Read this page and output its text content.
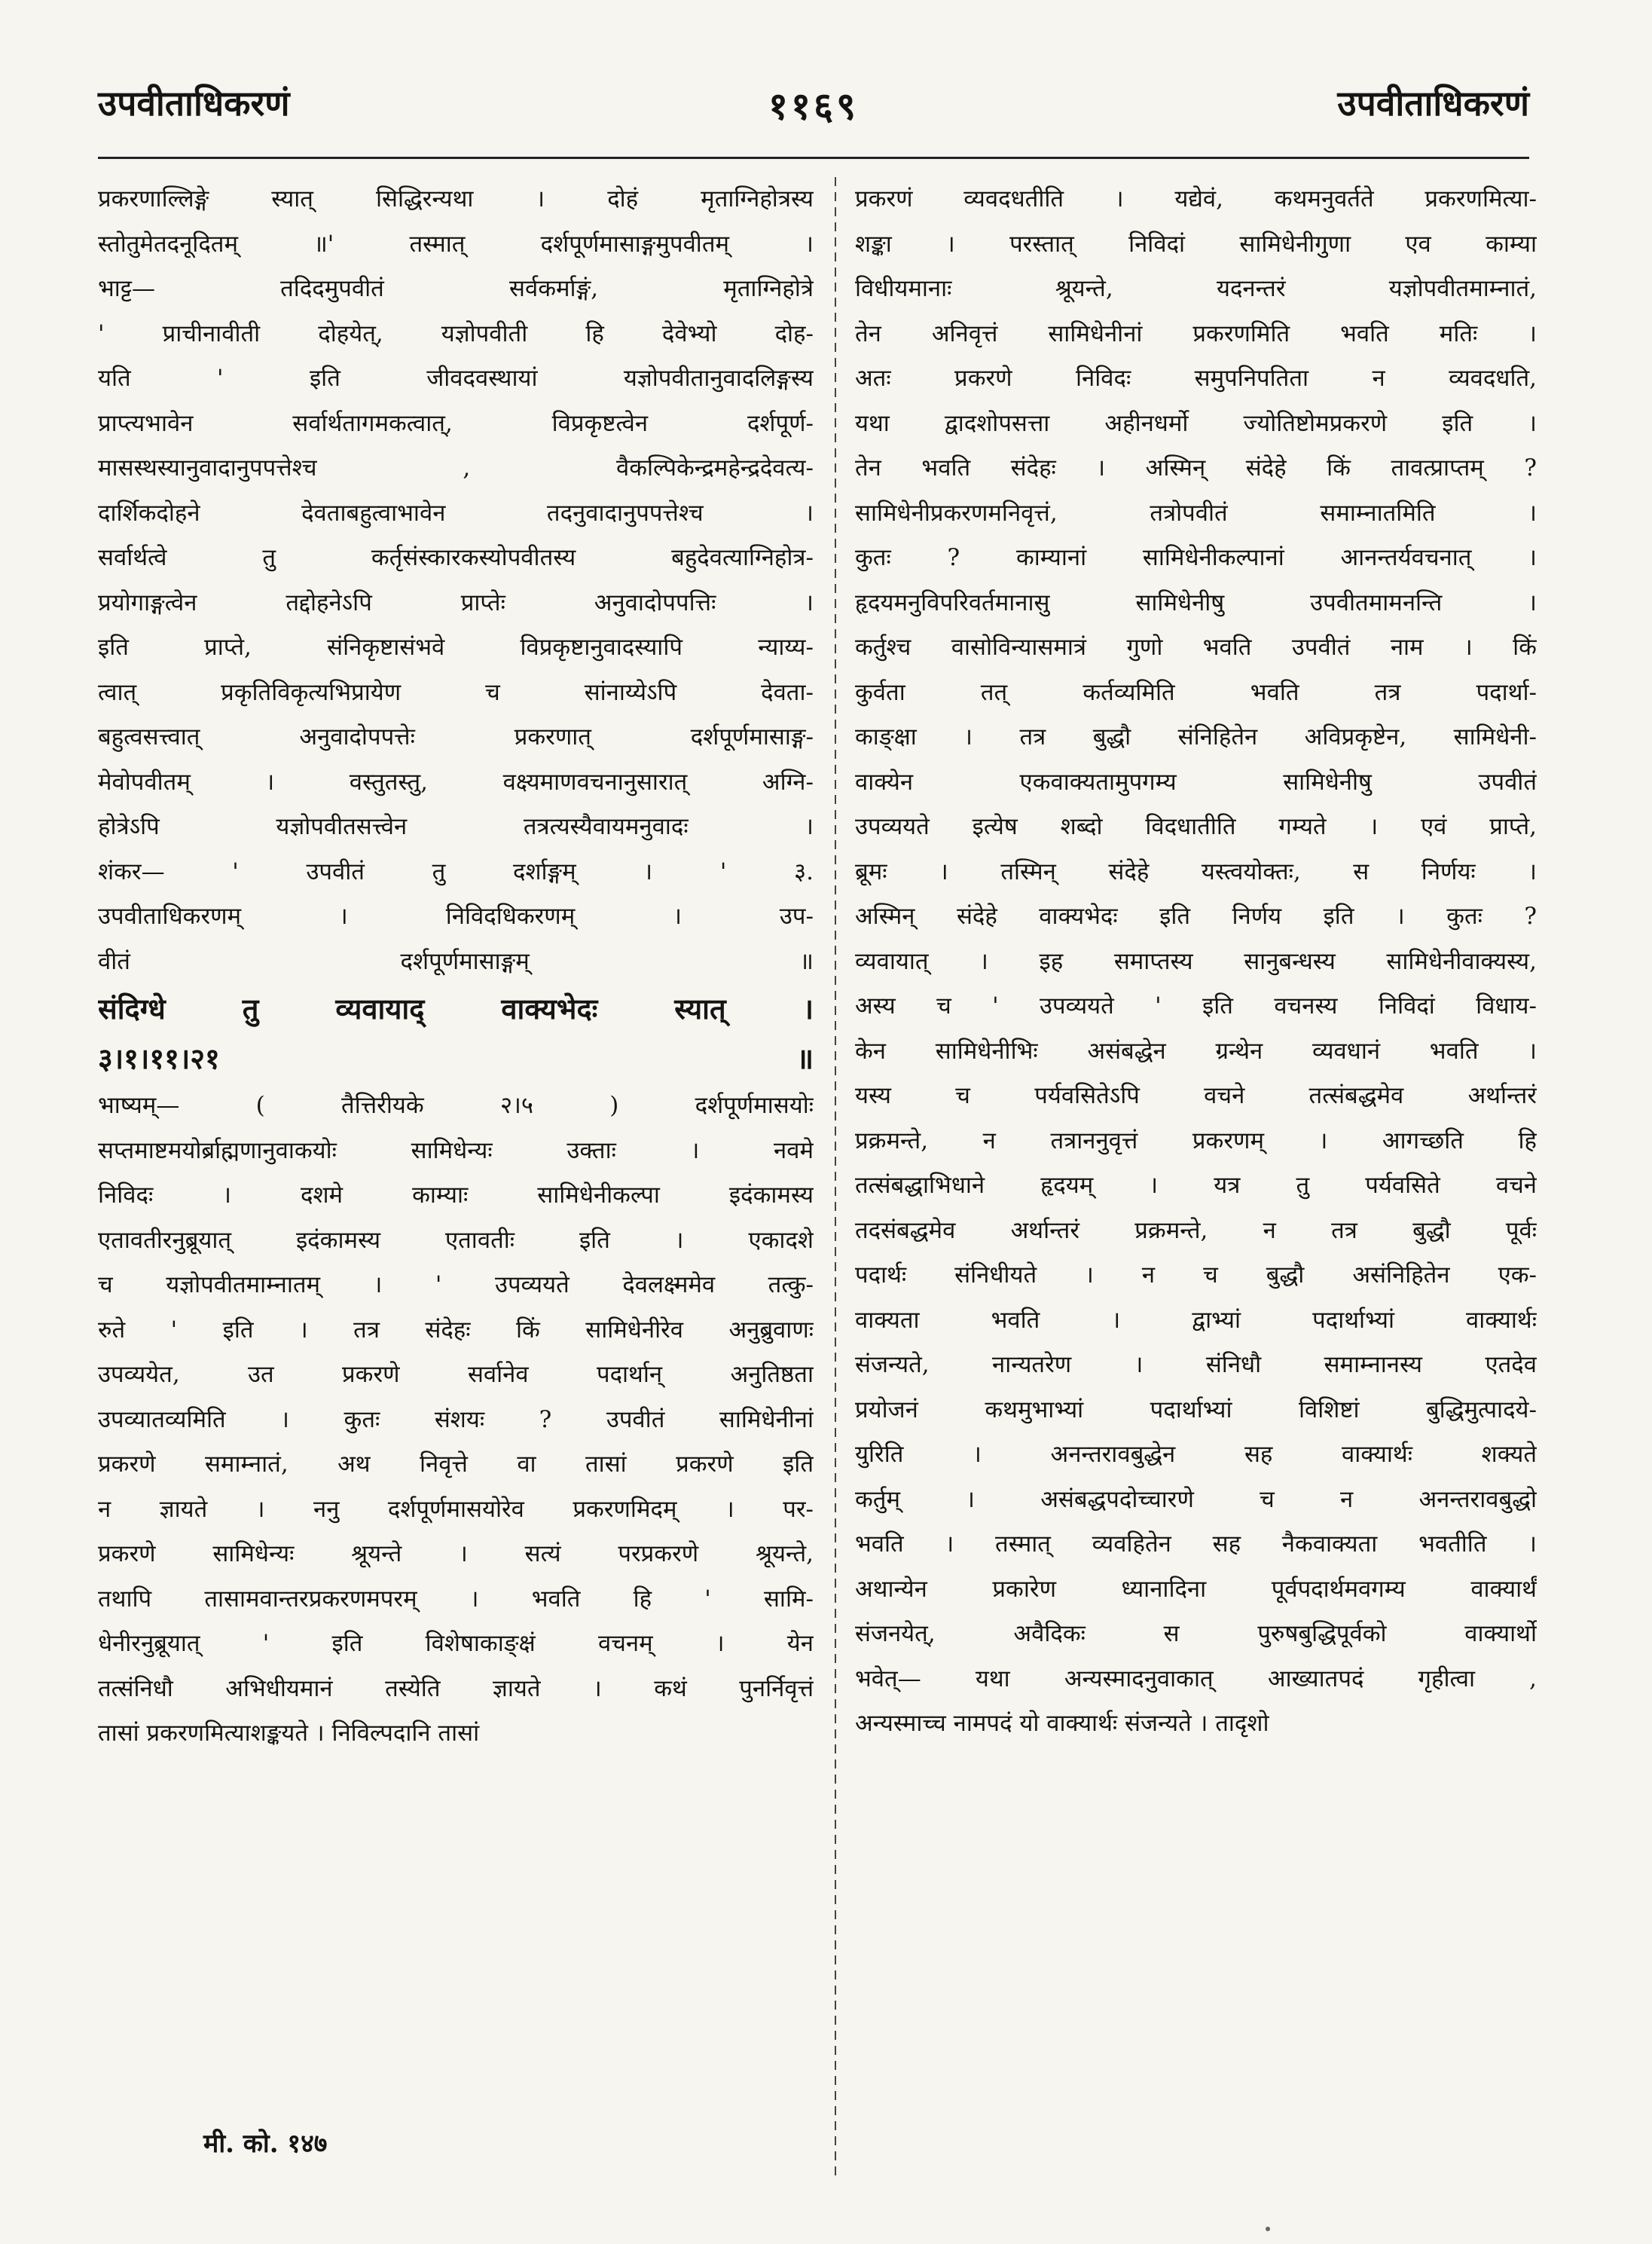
उपवीताधिकरणं	११६९	उपवीताधिकरणं
प्रकरणाल्लिङ्गे स्यात् सिद्धिरन्यथा । दोहं मृताग्निहोत्रस्य
स्तोतुमेतदनूदितम् ॥' तस्मात् दर्शपूर्णमासाङ्गमुपवीतम् ।
भाट्ट— तदिदमुपवीतं सर्वकर्माङ्गं, मृताग्निहोत्रे
' प्राचीनावीती दोहयेत्, यज्ञोपवीती हि देवेभ्यो दोह-
यति ' इति जीवदवस्थायां यज्ञोपवीतानुवादलिङ्गस्य
प्राप्त्यभावेन सर्वार्थतागमकत्वात्, विप्रकृष्टत्वेन दर्शपूर्ण-
मासस्थस्यानुवादानुपपत्तेश्च , वैकल्पिकेन्द्रमहेन्द्रदेवत्य-
दार्शिकदोहने देवताबहुत्वाभावेन तदनुवादानुपपत्तेश्च ।
सर्वार्थत्वे तु कर्तृसंस्कारकस्योपवीतस्य बहुदेवत्याग्निहोत्र-
प्रयोगाङ्गत्वेन तद्दोहनेऽपि प्राप्तेः अनुवादोपपत्तिः ।
इति प्राप्ते, संनिकृष्टासंभवे विप्रकृष्टानुवादस्यापि न्याय्य-
त्वात् प्रकृतिविकृत्यभिप्रायेण च सांनाय्येऽपि देवता-
बहुत्वसत्त्वात् अनुवादोपपत्तेः प्रकरणात् दर्शपूर्णमासाङ्ग-
मेवोपवीतम् । वस्तुतस्तु, वक्ष्यमाणवचनानुसारात् अग्नि-
होत्रेऽपि यज्ञोपवीतसत्त्वेन तत्रत्यस्यैवायमनुवादः ।
शंकर— ' उपवीतं तु दर्शाङ्गम् । ' ३.
उपवीताधिकरणम् । निविदधिकरणम् । उप-
वीतं दर्शपूर्णमासाङ्गम् ॥
संदिग्धे तु व्यवायाद् वाक्यभेदः स्यात् ।
३।१।११।२१ ॥
भाष्यम्— ( तैत्तिरीयके २।५ ) दर्शपूर्णमासयोः
सप्तमाष्टमयोर्ब्राह्मणानुवाकयोः सामिधेन्यः उक्ताः । नवमे
निविदः । दशमे काम्याः सामिधेनीकल्पा इदंकामस्य
एतावतीरनुब्रूयात् इदंकामस्य एतावतीः इति । एकादशे
च यज्ञोपवीतमाम्नातम् । ' उपव्ययते देवलक्ष्ममेव तत्कु-
रुते ' इति । तत्र संदेहः किं सामिधेनीरेव अनुब्रुवाणः
उपव्ययेत, उत प्रकरणे सर्वानेव पदार्थान् अनुतिष्ठता
उपव्यातव्यमिति । कुतः संशयः ? उपवीतं सामिधेनीनां
प्रकरणे समाम्नातं, अथ निवृत्ते वा तासां प्रकरणे इति
न ज्ञायते । ननु दर्शपूर्णमासयोरेव प्रकरणमिदम् । पर-
प्रकरणे सामिधेन्यः श्रूयन्ते । सत्यं परप्रकरणे श्रूयन्ते,
तथापि तासामवान्तरप्रकरणमपरम् । भवति हि ' सामि-
धेनीरनुब्रूयात् ' इति विशेषाकाङ्क्षं वचनम् । येन
तत्संनिधौ अभिधीयमानं तस्येति ज्ञायते । कथं पुनर्निवृत्तं
तासां प्रकरणमित्याशङ्कयते । निविल्पदानि तासां
प्रकरणं व्यवदधतीति । यद्येवं, कथमनुवर्तते प्रकरणमित्या-
शङ्का । परस्तात् निविदां सामिधेनीगुणा एव काम्या
विधीयमानाः श्रूयन्ते, यदनन्तरं यज्ञोपवीतमाम्नातं,
तेन अनिवृत्तं सामिधेनीनां प्रकरणमिति भवति मतिः ।
अतः प्रकरणे निविदः समुपनिपतिता न व्यवदधति,
यथा द्वादशोपसत्ता अहीनधर्मो ज्योतिष्टोमप्रकरणे इति ।
तेन भवति संदेहः । अस्मिन् संदेहे किं तावत्प्राप्तम् ?
सामिधेनीप्रकरणमनिवृत्तं, तत्रोपवीतं समाम्नातमिति ।
कुतः ? काम्यानां सामिधेनीकल्पानां आनन्तर्यवचनात् ।
हृदयमनुविपरिवर्तमानासु सामिधेनीषु उपवीतमामनन्ति ।
कर्तुश्च वासोविन्यासमात्रं गुणो भवति उपवीतं नाम । किं
कुर्वता तत् कर्तव्यमिति भवति तत्र पदार्था-
काङ्क्षा । तत्र बुद्धौ संनिहितेन अविप्रकृष्टेन, सामिधेनी-
वाक्येन एकवाक्यतामुपगम्य सामिधेनीषु उपवीतं
उपव्ययते इत्येष शब्दो विदधातीति गम्यते । एवं प्राप्ते,
ब्रूमः । तस्मिन् संदेहे यस्त्वयोक्तः, स निर्णयः ।
अस्मिन् संदेहे वाक्यभेदः इति निर्णय इति । कुतः ?
व्यवायात् । इह समाप्तस्य सानुबन्धस्य सामिधेनीवाक्यस्य,
अस्य च ' उपव्ययते ' इति वचनस्य निविदां विधाय-
केन सामिधेनीभिः असंबद्धेन ग्रन्थेन व्यवधानं भवति ।
यस्य च पर्यवसितेऽपि वचने तत्संबद्धमेव अर्थान्तरं
प्रक्रमन्ते, न तत्राननुवृत्तं प्रकरणम् । आगच्छति हि
तत्संबद्धाभिधाने हृदयम् । यत्र तु पर्यवसिते वचने
तदसंबद्धमेव अर्थान्तरं प्रक्रमन्ते, न तत्र बुद्धौ पूर्वः
पदार्थः संनिधीयते । न च बुद्धौ असंनिहितेन एक-
वाक्यता भवति । द्वाभ्यां पदार्थाभ्यां वाक्यार्थः
संजन्यते, नान्यतरेण । संनिधौ समाम्नानस्य एतदेव
प्रयोजनं कथमुभाभ्यां पदार्थाभ्यां विशिष्टां बुद्धिमुत्पादये-
युरिति । अनन्तरावबुद्धेन सह वाक्यार्थः शक्यते
कर्तुम् । असंबद्धपदोच्चारणे च न अनन्तरावबुद्धो
भवति । तस्मात् व्यवहितेन सह नैकवाक्यता भवतीति ।
अथान्येन प्रकारेण ध्यानादिना पूर्वपदार्थमवगम्य वाक्यार्थं
संजनयेत्, अवैदिकः स पुरुषबुद्धिपूर्वको वाक्यार्थो
भवेत्— यथा अन्यस्मादनुवाकात् आख्यातपदं गृहीत्वा ,
अन्यस्माच्च नामपदं यो वाक्यार्थः संजन्यते । तादृशो
मी. को. १४७
